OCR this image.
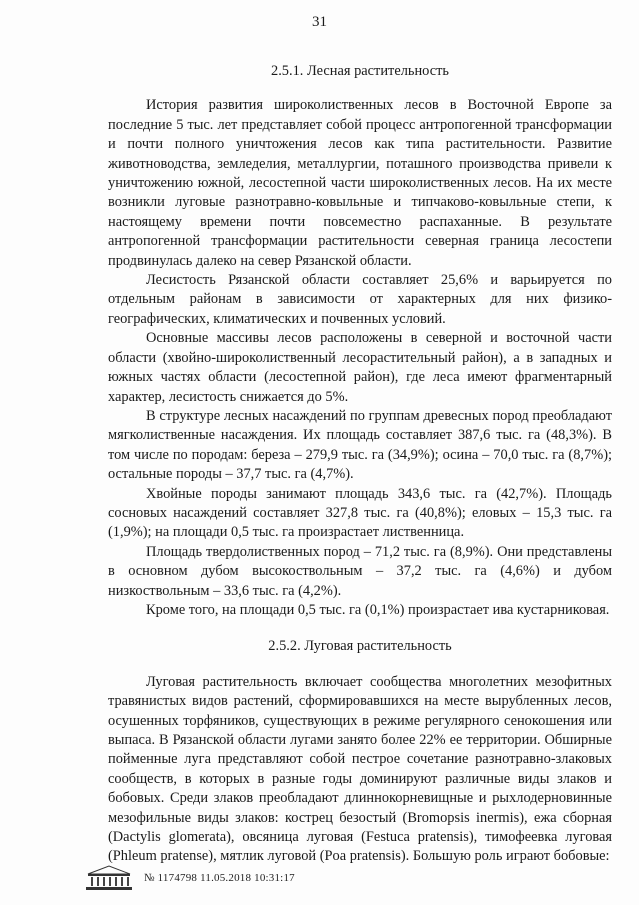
31
2.5.1. Лесная растительность

История развития широколиственных лесов в Восточной Европе за последние 5 тыс. лет представляет собой процесс антропогенной трансформации и почти полного уничтожения лесов как типа растительности. Развитие животноводства, земледелия, металлургии, поташного производства привели к уничтожению южной, лесостепной части широколиственных лесов. На их месте возникли луговые разнотравно-ковыльные и типчаково-ковыльные степи, к настоящему времени почти повсеместно распаханные. В результате антропогенной трансформации растительности северная граница лесостепи продвинулась далеко на север Рязанской области.

Лесистость Рязанской области составляет 25,6% и варьируется по отдельным районам в зависимости от характерных для них физико-географических, климатических и почвенных условий.

Основные массивы лесов расположены в северной и восточной части области (хвойно-широколиственный лесорастительный район), а в западных и южных частях области (лесостепной район), где леса имеют фрагментарный характер, лесистость снижается до 5%.

В структуре лесных насаждений по группам древесных пород преобладают мягколиственные насаждения. Их площадь составляет 387,6 тыс. га (48,3%). В том числе по породам: береза – 279,9 тыс. га (34,9%); осина – 70,0 тыс. га (8,7%); остальные породы – 37,7 тыс. га (4,7%).

Хвойные породы занимают площадь 343,6 тыс. га (42,7%). Площадь сосновых насаждений составляет 327,8 тыс. га (40,8%); еловых – 15,3 тыс. га (1,9%); на площади 0,5 тыс. га произрастает лиственница.

Площадь твердолиственных пород – 71,2 тыс. га (8,9%). Они представлены в основном дубом высокоствольным – 37,2 тыс. га (4,6%) и дубом низкоствольным – 33,6 тыс. га (4,2%).

Кроме того, на площади 0,5 тыс. га (0,1%) произрастает ива кустарниковая.

2.5.2. Луговая растительность

Луговая растительность включает сообщества многолетних мезофитных травянистых видов растений, сформировавшихся на месте вырубленных лесов, осушенных торфяников, существующих в режиме регулярного сенокошения или выпаса. В Рязанской области лугами занято более 22% ее территории. Обширные пойменные луга представляют собой пестрое сочетание разнотравно-злаковых сообществ, в которых в разные годы доминируют различные виды злаков и бобовых. Среди злаков преобладают длиннокорневищные и рыхлодерновинные мезофильные виды злаков: кострец безостый (Bromopsis inermis), ежа сборная (Dactylis glomerata), овсяница луговая (Festuca pratensis), тимофеевка луговая (Phleum pratense), мятлик луговой (Poa pratensis). Большую роль играют бобовые:

№ 1174798 11.05.2018 10:31:17
